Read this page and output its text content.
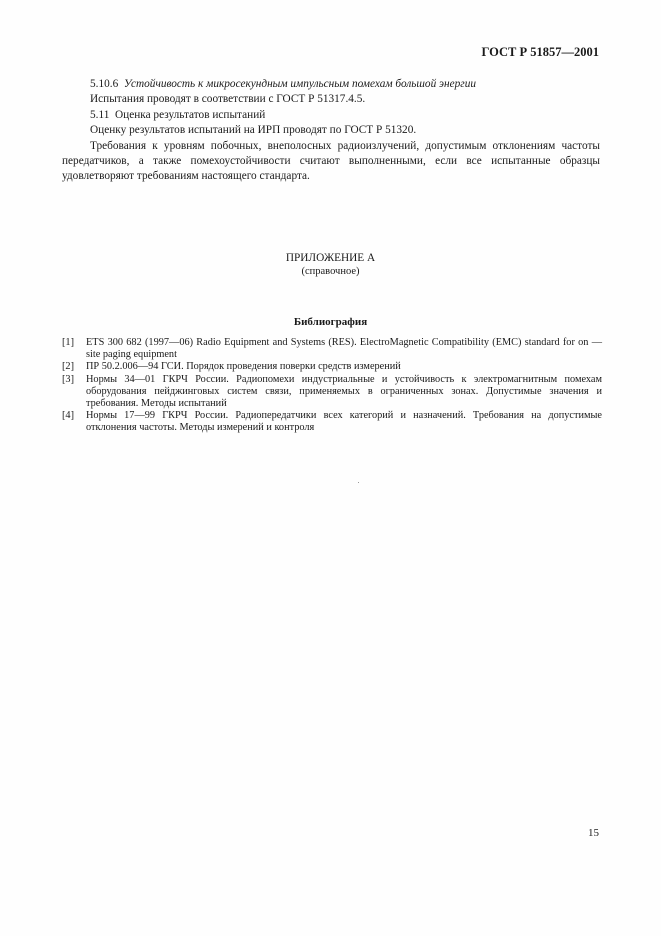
ГОСТ Р 51857—2001

5.10.6 Устойчивость к микросекундным импульсным помехам большой энергии

Испытания проводят в соответствии с ГОСТ Р 51317.4.5.

5.11 Оценка результатов испытаний

Оценку результатов испытаний на ИРП проводят по ГОСТ Р 51320.

Требования к уровням побочных, внеполосных радиоизлучений, допустимым отклонениям частоты передатчиков, а также помехоустойчивости считают выполненными, если все испытанные образцы удовлетворяют требованиям настоящего стандарта.

ПРИЛОЖЕНИЕ А
(справочное)
Библиография
[1]	ETS 300 682 (1997—06) Radio Equipment and Systems (RES). ElectroMagnetic Compatibility (EMC) standard for on — site paging equipment
[2]	ПР 50.2.006—94 ГСИ. Порядок проведения поверки средств измерений
[3]	Нормы 34—01 ГКРЧ России. Радиопомехи индустриальные и устойчивость к электромагнитным помехам оборудования пейджинговых систем связи, применяемых в ограниченных зонах. Допустимые значения и требования. Методы испытаний
[4]	Нормы 17—99 ГКРЧ России. Радиопередатчики всех категорий и назначений. Требования на допустимые отклонения частоты. Методы измерений и контроля
15
